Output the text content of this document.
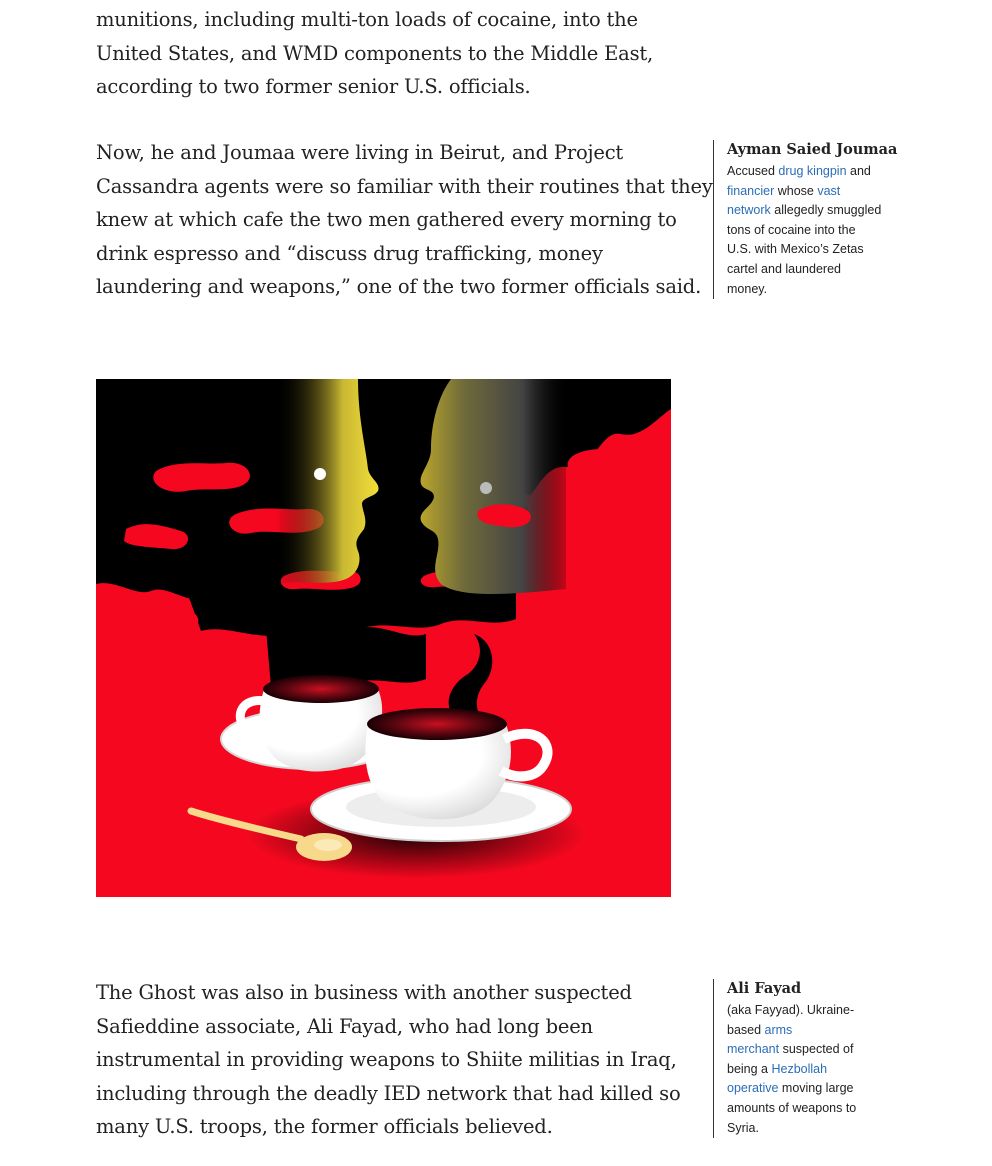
munitions, including multi-ton loads of cocaine, into the
United States, and WMD components to the Middle East,
according to two former senior U.S. officials.
Now, he and Joumaa were living in Beirut, and Project
Cassandra agents were so familiar with their routines that they
knew at which cafe the two men gathered every morning to
drink espresso and “discuss drug trafficking, money
laundering and weapons,” one of the two former officials said.
Ayman Saied Joumaa
Accused drug kingpin and
financier whose vast
network allegedly smuggled
tons of cocaine into the
U.S. with Mexico’s Zetas
cartel and laundered
money.
The Ghost was also in business with another suspected
Safieddine associate, Ali Fayad, who had long been
instrumental in providing weapons to Shiite militias in Iraq,
including through the deadly IED network that had killed so
many U.S. troops, the former officials believed.
Ali Fayad
(aka Fayyad). Ukraine-
based arms
merchant suspected of
being a Hezbollah
operative moving large
amounts of weapons to
Syria.
